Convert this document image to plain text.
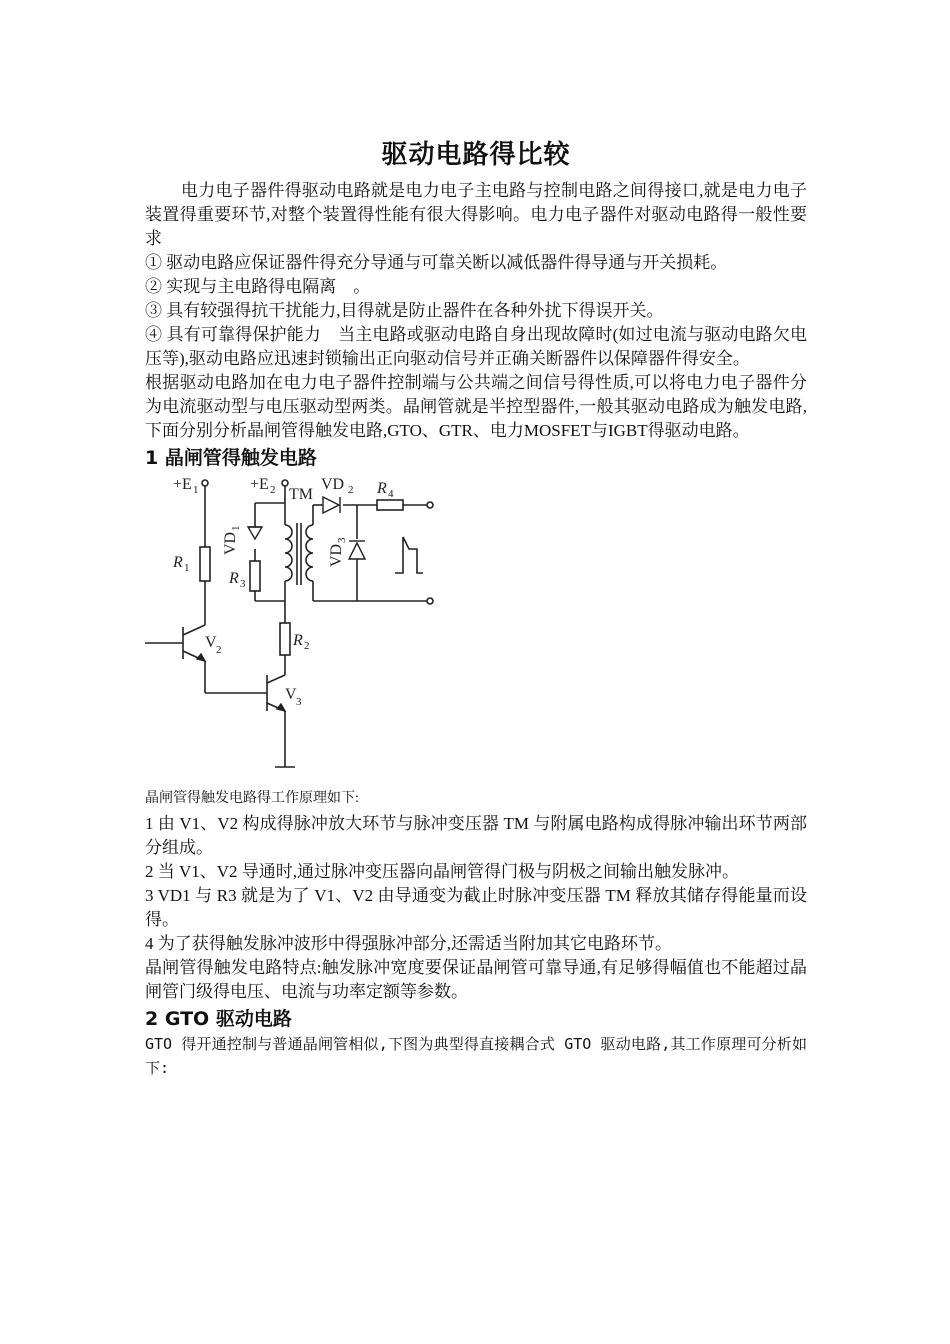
驱动电路得比较

电力电子器件得驱动电路就是电力电子主电路与控制电路之间得接口,就是电力电子装置得重要环节,对整个装置得性能有很大得影响。电力电子器件对驱动电路得一般性要求

① 驱动电路应保证器件得充分导通与可靠关断以减低器件得导通与开关损耗。

② 实现与主电路得电隔离　。

③ 具有较强得抗干扰能力,目得就是防止器件在各种外扰下得误开关。

④ 具有可靠得保护能力　当主电路或驱动电路自身出现故障时(如过电流与驱动电路欠电压等),驱动电路应迅速封锁输出正向驱动信号并正确关断器件以保障器件得安全。

根据驱动电路加在电力电子器件控制端与公共端之间信号得性质,可以将电力电子器件分为电流驱动型与电压驱动型两类。晶闸管就是半控型器件,一般其驱动电路成为触发电路,下面分别分析晶闸管得触发电路,GTO、GTR、电力MOSFET与IGBT得驱动电路。

1 晶闸管得触发电路
+E 1	+E 2 TM
VD 2 R 4
VD
1
VD
3
R 1
R 3
R 2
V 2
V 3

晶闸管得触发电路得工作原理如下:

1 由 V1、V2 构成得脉冲放大环节与脉冲变压器 TM 与附属电路构成得脉冲输出环节两部分组成。

2 当 V1、V2 导通时,通过脉冲变压器向晶闸管得门极与阴极之间输出触发脉冲。

3 VD1 与 R3 就是为了 V1、V2 由导通变为截止时脉冲变压器 TM 释放其储存得能量而设得。

4 为了获得触发脉冲波形中得强脉冲部分,还需适当附加其它电路环节。

晶闸管得触发电路特点:触发脉冲宽度要保证晶闸管可靠导通,有足够得幅值也不能超过晶闸管门级得电压、电流与功率定额等参数。

2 GTO 驱动电路

GTO 得开通控制与普通晶闸管相似,下图为典型得直接耦合式 GTO 驱动电路,其工作原理可分析如下:
